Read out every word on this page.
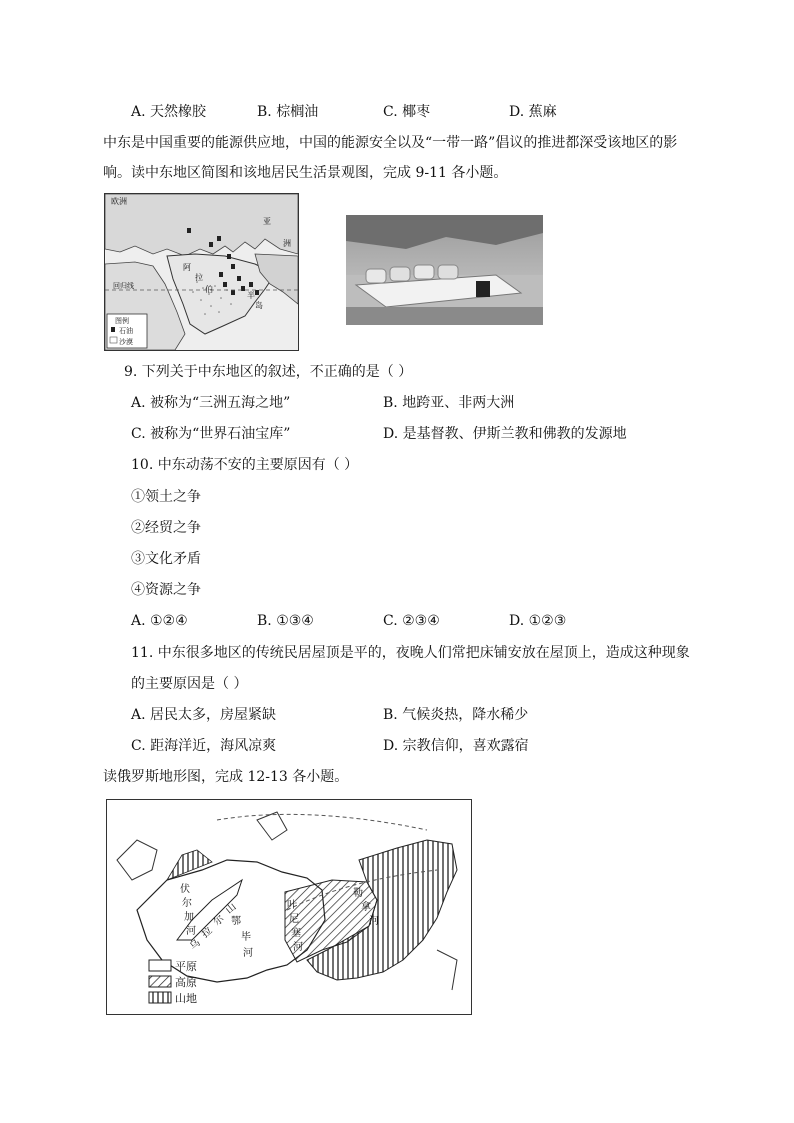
A. 天然橡胶	B. 棕榈油	C. 椰枣	D. 蕉麻
中东是中国重要的能源供应地，中国的能源安全以及“一带一路”倡议的推进都深受该地区的影
响。读中东地区简图和该地居民生活景观图，完成 9-11 各小题。
欧洲
亚
洲
回归线
阿
拉
伯
半
岛
图例
石油
沙漠
9. 下列关于中东地区的叙述，不正确的是（ ）
A. 被称为“三洲五海之地”	B. 地跨亚、非两大洲
C. 被称为“世界石油宝库”	D. 是基督教、伊斯兰教和佛教的发源地
10. 中东动荡不安的主要原因有（ ）
①领土之争
②经贸之争
③文化矛盾
④资源之争
A. ①②④	B. ①③④	C. ②③④	D. ①②③
11. 中东很多地区的传统民居屋顶是平的，夜晚人们常把床铺安放在屋顶上，造成这种现象
的主要原因是（ ）
A. 居民太多，房屋紧缺	B. 气候炎热，降水稀少
C. 距海洋近，海风凉爽	D. 宗教信仰，喜欢露宿
读俄罗斯地形图，完成 12-13 各小题。
伏
尔
加
河
乌
拉
尔
山
鄂
毕
河
叶
尼
塞
河
勒
拿
河
平原
高原
山地
